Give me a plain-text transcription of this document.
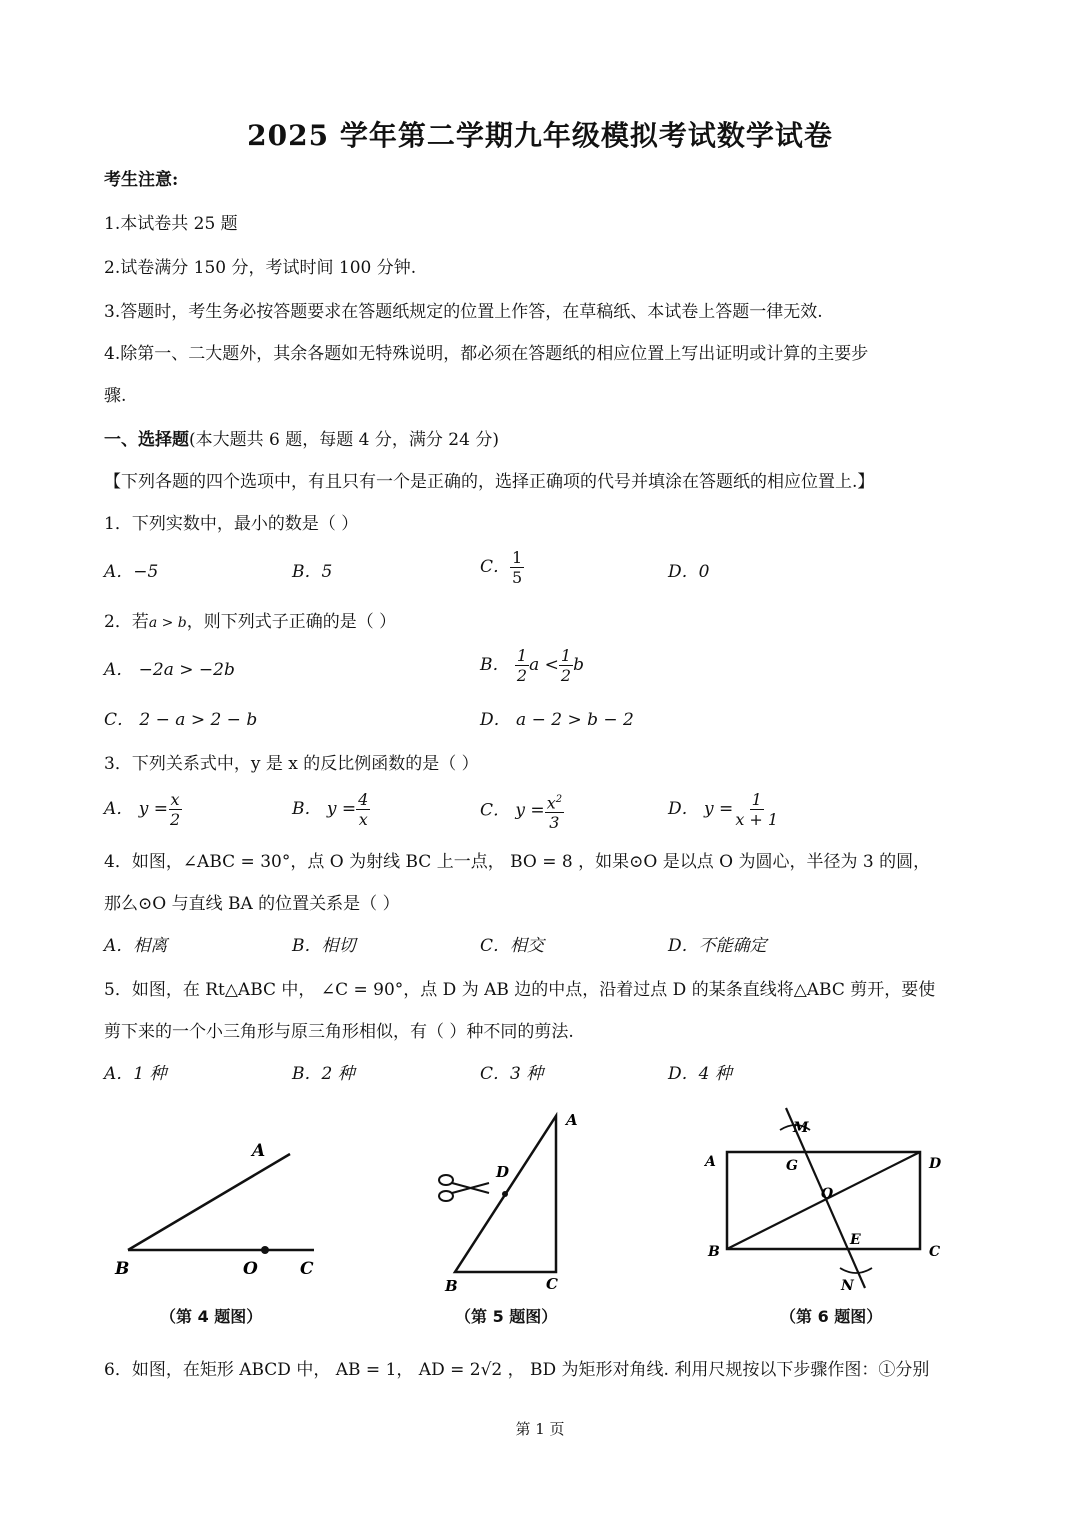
2025 学年第二学期九年级模拟考试数学试卷
考生注意:
1.本试卷共 25 题
2.试卷满分 150 分，考试时间 100 分钟.
3.答题时，考生务必按答题要求在答题纸规定的位置上作答，在草稿纸、本试卷上答题一律无效.
4.除第一、二大题外，其余各题如无特殊说明，都必须在答题纸的相应位置上写出证明或计算的主要步
骤.
一、选择题(本大题共 6 题，每题 4 分，满分 24 分)
【下列各题的四个选项中，有且只有一个是正确的，选择正确项的代号并填涂在答题纸的相应位置上.】
1．下列实数中，最小的数是（ ）
A．−5	B．5	C． $\frac{1}{5}$	D．0
2．若a > b，则下列式子正确的是（ ）
A． −2a > −2b	B． $\frac{1}{2}$ $a < \frac{1}{2}$ b
C． 2 − a > 2 − b	D． a − 2 > b − 2
3．下列关系式中，y 是 x 的反比例函数的是（ ）
A． $y = \frac{x}{2}$	B． $y = \frac{4}{x}$	C． $y = \frac{x^2}{3}$	D． $y = \frac{1}{x + 1}$
4．如图，∠ABC = 30°，点 O 为射线 BC 上一点， BO = 8 ，如果⊙O 是以点 O 为圆心，半径为 3 的圆，
那么⊙O 与直线 BA 的位置关系是（ ）
A．相离	B．相切	C．相交	D．不能确定
5．如图，在 Rt△ABC 中， ∠C = 90°，点 D 为 AB 边的中点，沿着过点 D 的某条直线将△ABC 剪开，要使
剪下来的一个小三角形与原三角形相似，有（ ）种不同的剪法.
A．1 种	B．2 种	C．3 种	D．4 种
A
B	O C
（第 4 题图）
A
D
B	C
（第 5 题图）
M
A	G	D
O
B
E
C
N
（第 6 题图）
6．如图，在矩形 ABCD 中， AB = 1， AD = 2√2 ， BD 为矩形对角线. 利用尺规按以下步骤作图：①分别
第 1 页
